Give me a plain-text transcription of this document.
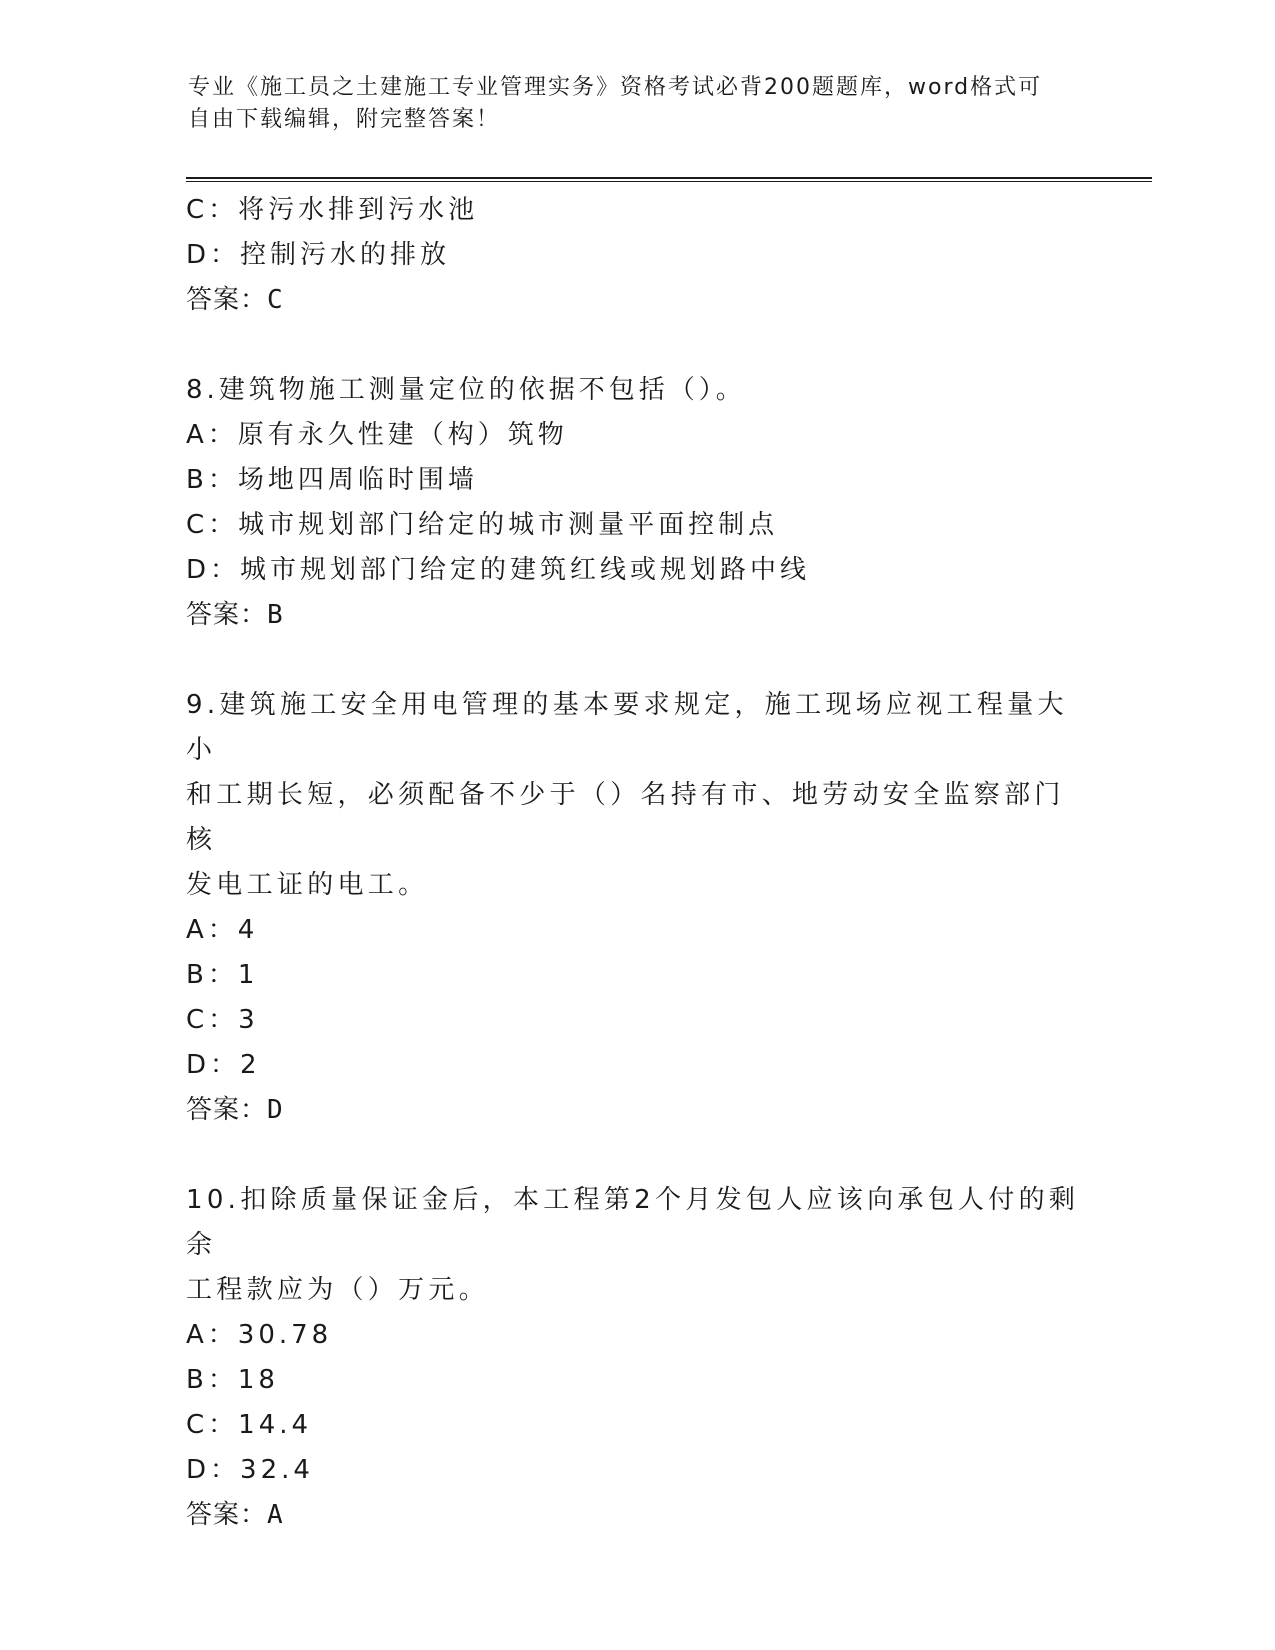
专业《施工员之土建施工专业管理实务》资格考试必背200题题库，word格式可
自由下载编辑，附完整答案！
C：将污水排到污水池
D：控制污水的排放
答案：C
8.建筑物施工测量定位的依据不包括（）。
A：原有永久性建（构）筑物
B：场地四周临时围墙
C：城市规划部门给定的城市测量平面控制点
D：城市规划部门给定的建筑红线或规划路中线
答案：B
9.建筑施工安全用电管理的基本要求规定，施工现场应视工程量大小
和工期长短，必须配备不少于（）名持有市、地劳动安全监察部门核
发电工证的电工。
A：4
B：1
C：3
D：2
答案：D
10.扣除质量保证金后，本工程第2个月发包人应该向承包人付的剩余
工程款应为（）万元。
A：30.78
B：18
C：14.4
D：32.4
答案：A
